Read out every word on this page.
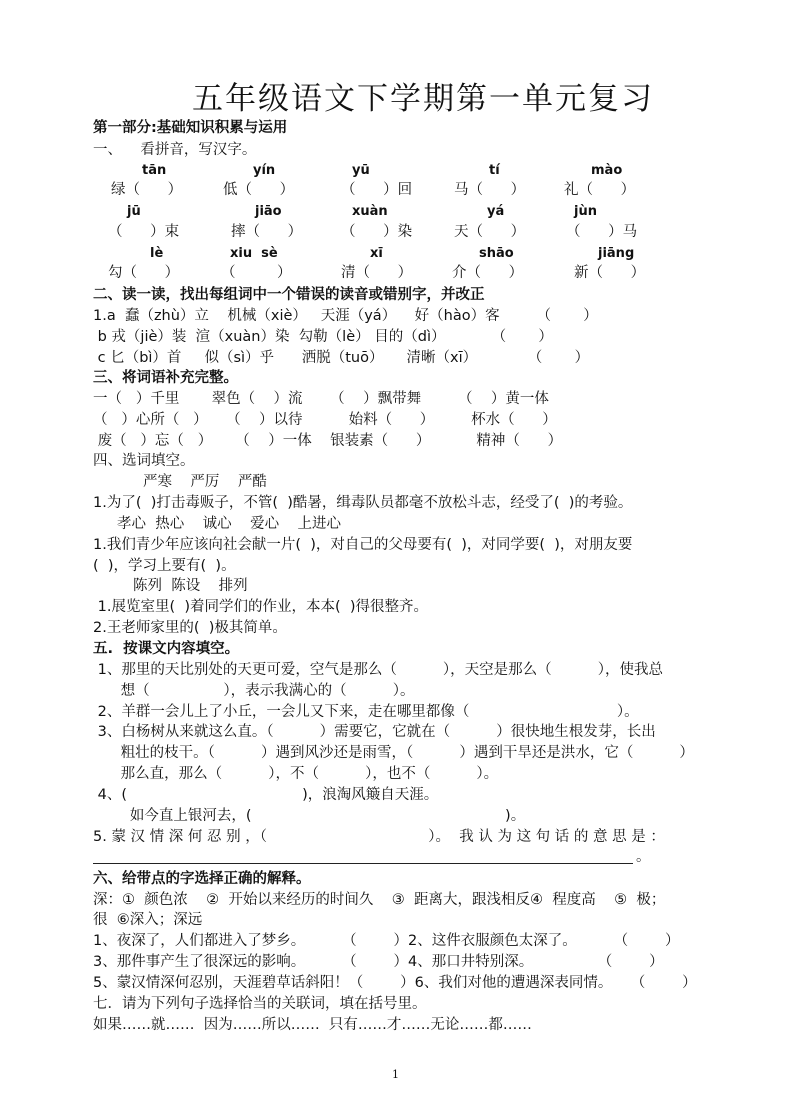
五年级语文下学期第一单元复习
第一部分:基础知识积累与运用
一、    看拼音，写汉字。
tān	yín	yū	tí	mào
绿（      ）	低（      ）	（      ）回	马（      ）	礼（      ）
jū	jiāo	xuàn	yá	jùn
（      ）束	摔（      ）	（      ）染	天（      ）	（      ）马
lè	xiu  sè	xī	shāo	jiāng
勾（      ）	（         ）	清（      ）	介（      ）	新（      ）
二、读一读，找出每组词中一个错误的读音或错别字，并改正
1.a  蠢（zhù）立    机械（xiè）   天涯（yá）    好（hào）客        （       ）
b 戎（jiè）装  渲（xuàn）染  勾勒（lè） 目的（dì）          （       ）
c 匕（bì）首     似（sì）乎      洒脱（tuō）     清晰（xī）           （       ）
三、将词语补充完整。
一（   ）千里       翠色（    ）流      （    ）飘带舞        （    ）黄一体
（   ）心所（   ）    （    ）以待          始料（      ）        杯水（      ）
废（   ）忘（   ）     （    ）一体    银装素（      ）          精神（      ）
四、选词填空。
严寒    严厉    严酷
1.为了(  )打击毒贩子，不管(  )酷暑，缉毒队员都毫不放松斗志，经受了(  )的考验。
孝心  热心    诚心    爱心    上进心
1.我们青少年应该向社会献一片(  )，对自己的父母要有(  )，对同学要(  )，对朋友要
(  )，学习上要有(  )。
陈列  陈设    排列
1.展览室里(  )着同学们的作业，本本(  )得很整齐。
2.王老师家里的(  )极其简单。
五.  按课文内容填空。
1、那里的天比别处的天更可爱，空气是那么（          ），天空是那么（          ），使我总
想（                ），表示我满心的（          ）。
2、羊群一会儿上了小丘，一会儿又下来，走在哪里都像（                                ）。
3、白杨树从来就这么直。（          ）需要它，它就在（          ）很快地生根发芽，长出
粗壮的枝干。（          ）遇到风沙还是雨雪，（          ）遇到干旱还是洪水，它（          ）
那么直，那么（          ），不（          ），也不（          ）。
4、(                                      )，浪淘风簸自天涯。
如今直上银河去，(                                                       )。
5. 蒙 汉 情 深 何 忍 别 ，（                                   ）。  我 认 为 这 句 话 的 意 思 是 ：
。
六、给带点的字选择正确的解释。
深：①  颜色浓    ②  开始以来经历的时间久    ③  距离大，跟浅相反④  程度高    ⑤  极；
很  ⑥深入；深远
1、夜深了，人们都进入了梦乡。        （        ）2、这件衣服颜色太深了。        （        ）
3、那件事产生了很深远的影响。        （        ）4、那口井特别深。              （        ）
5、蒙汉情深何忍别，天涯碧草话斜阳！（        ）6、我们对他的遭遇深表同情。    （        ）
七．请为下列句子选择恰当的关联词，填在括号里。
如果……就……  因为……所以……  只有……才……无论……都……
1
